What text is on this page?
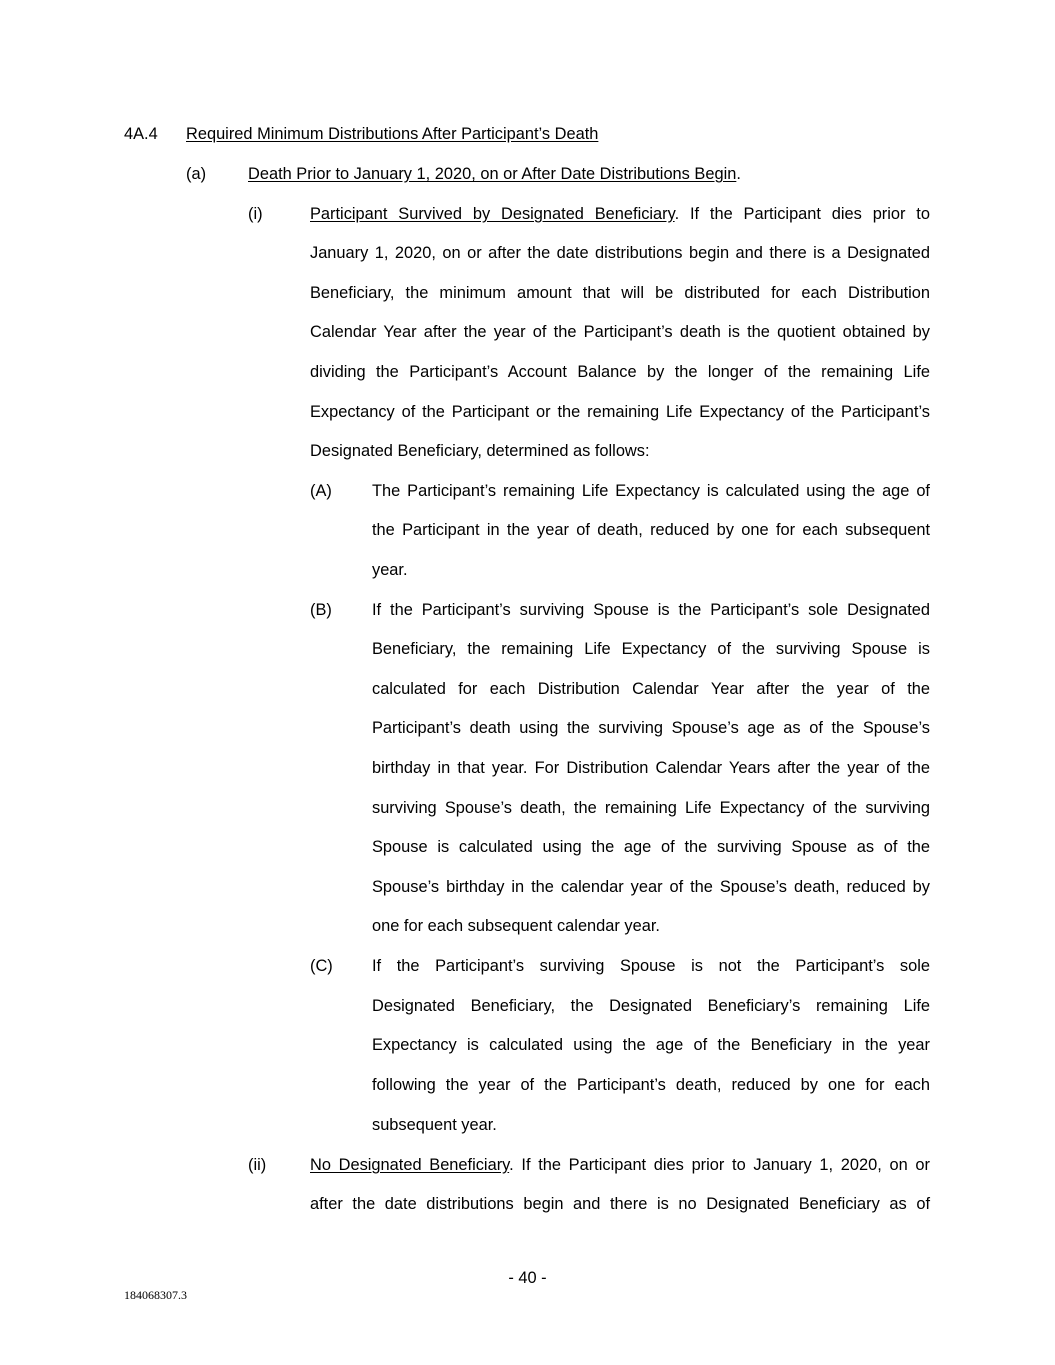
4A.4 Required Minimum Distributions After Participant’s Death
(a)	Death Prior to January 1, 2020, on or After Date Distributions Begin.
(i)	Participant Survived by Designated Beneficiary. If the Participant dies prior to
January 1, 2020, on or after the date distributions begin and there is a Designated
Beneficiary, the minimum amount that will be distributed for each Distribution
Calendar Year after the year of the Participant’s death is the quotient obtained by
dividing the Participant’s Account Balance by the longer of the remaining Life
Expectancy of the Participant or the remaining Life Expectancy of the Participant’s
Designated Beneficiary, determined as follows:
(A) The Participant’s remaining Life Expectancy is calculated using the age of
the Participant in the year of death, reduced by one for each subsequent
year.
(B) If the Participant’s surviving Spouse is the Participant’s sole Designated
Beneficiary, the remaining Life Expectancy of the surviving Spouse is
calculated for each Distribution Calendar Year after the year of the
Participant’s death using the surviving Spouse’s age as of the Spouse’s
birthday in that year. For Distribution Calendar Years after the year of the
surviving Spouse’s death, the remaining Life Expectancy of the surviving
Spouse is calculated using the age of the surviving Spouse as of the
Spouse’s birthday in the calendar year of the Spouse’s death, reduced by
one for each subsequent calendar year.
(C) If the Participant’s surviving Spouse is not the Participant’s sole
Designated Beneficiary, the Designated Beneficiary’s remaining Life
Expectancy is calculated using the age of the Beneficiary in the year
following the year of the Participant’s death, reduced by one for each
subsequent year.
(ii)	No Designated Beneficiary. If the Participant dies prior to January 1, 2020, on or
after the date distributions begin and there is no Designated Beneficiary as of
- 40 -
184068307.3
